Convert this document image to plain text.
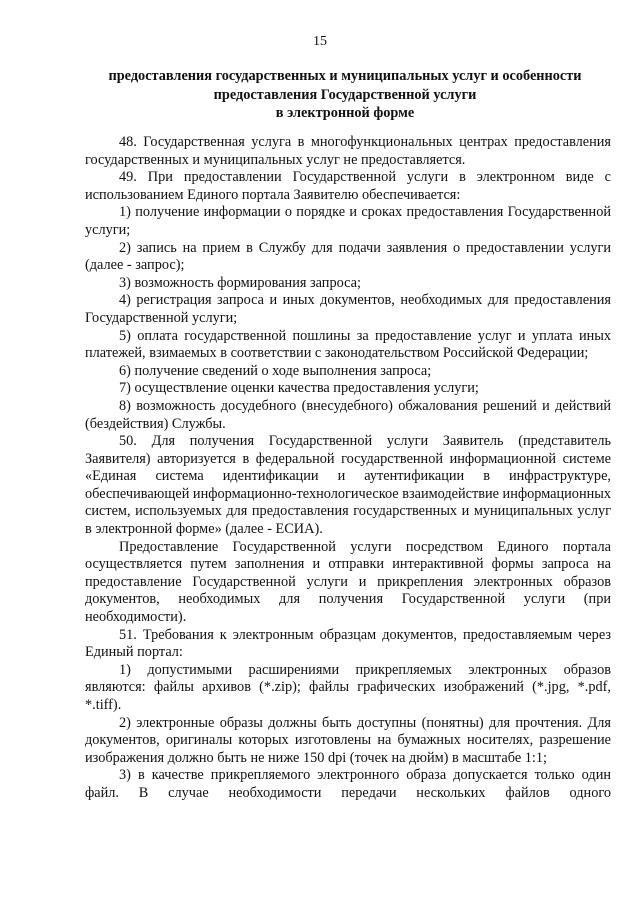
15
предоставления государственных и муниципальных услуг и особенности
предоставления Государственной услуги
в электронной форме

48. Государственная услуга в многофункциональных центрах предоставления государственных и муниципальных услуг не предоставляется.

49. При предоставлении Государственной услуги в электронном виде с использованием Единого портала Заявителю обеспечивается:

1) получение информации о порядке и сроках предоставления Государственной услуги;

2) запись на прием в Службу для подачи заявления о предоставлении услуги (далее - запрос);

3) возможность формирования запроса;

4) регистрация запроса и иных документов, необходимых для предоставления Государственной услуги;

5) оплата государственной пошлины за предоставление услуг и уплата иных платежей, взимаемых в соответствии с законодательством Российской Федерации;

6) получение сведений о ходе выполнения запроса;

7) осуществление оценки качества предоставления услуги;

8) возможность досудебного (внесудебного) обжалования решений и действий (бездействия) Службы.

50. Для получения Государственной услуги Заявитель (представитель Заявителя) авторизуется в федеральной государственной информационной системе «Единая система идентификации и аутентификации в инфраструктуре, обеспечивающей информационно-технологическое взаимодействие информационных систем, используемых для предоставления государственных и муниципальных услуг в электронной форме» (далее - ЕСИА).

Предоставление Государственной услуги посредством Единого портала осуществляется путем заполнения и отправки интерактивной формы запроса на предоставление Государственной услуги и прикрепления электронных образов документов, необходимых для получения Государственной услуги (при необходимости).

51. Требования к электронным образцам документов, предоставляемым через Единый портал:

1) допустимыми расширениями прикрепляемых электронных образов являются: файлы архивов (*.zip); файлы графических изображений (*.jpg, *.pdf, *.tiff).

2) электронные образы должны быть доступны (понятны) для прочтения. Для документов, оригиналы которых изготовлены на бумажных носителях, разрешение изображения должно быть не ниже 150 dpi (точек на дюйм) в масштабе 1:1;

3) в качестве прикрепляемого электронного образа допускается только один файл. В случае необходимости передачи нескольких файлов одного
